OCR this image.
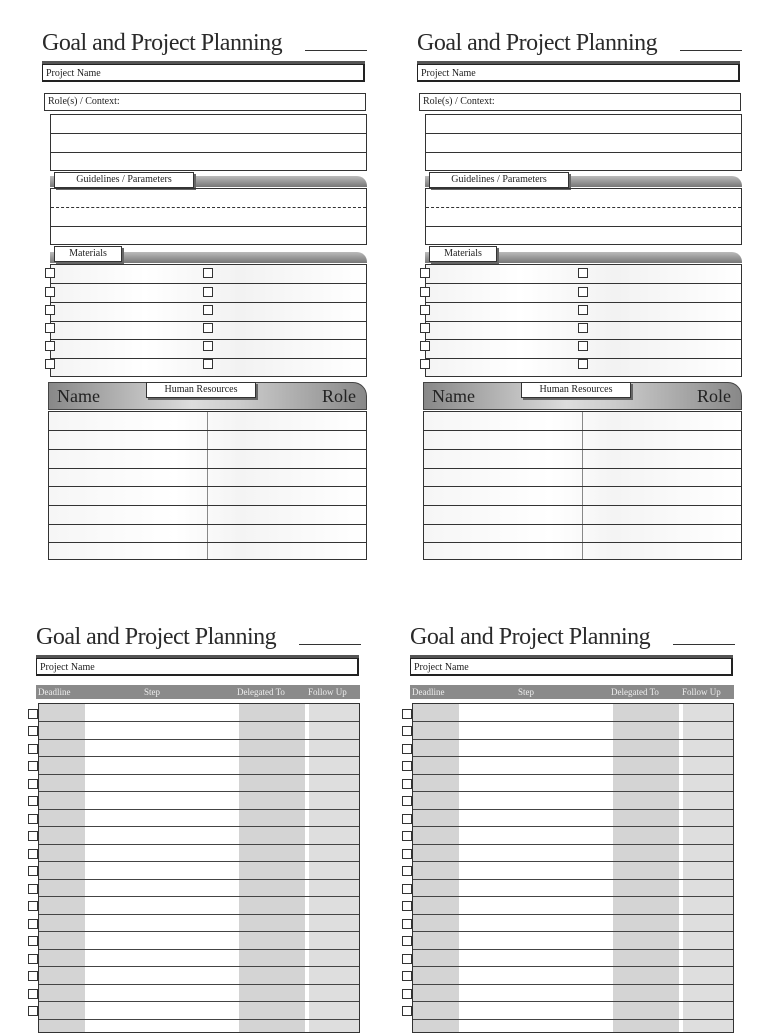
Goal and Project Planning
Project Name
Role(s) / Context:
Guidelines / Parameters
Materials
Name	Role
Human Resources
Goal and Project Planning
Project Name
Role(s) / Context:
Guidelines / Parameters
Materials
Name	Role
Human Resources
Goal and Project Planning
Project Name
Deadline	Step	Delegated To	Follow Up
Goal and Project Planning
Project Name
Deadline	Step	Delegated To	Follow Up
